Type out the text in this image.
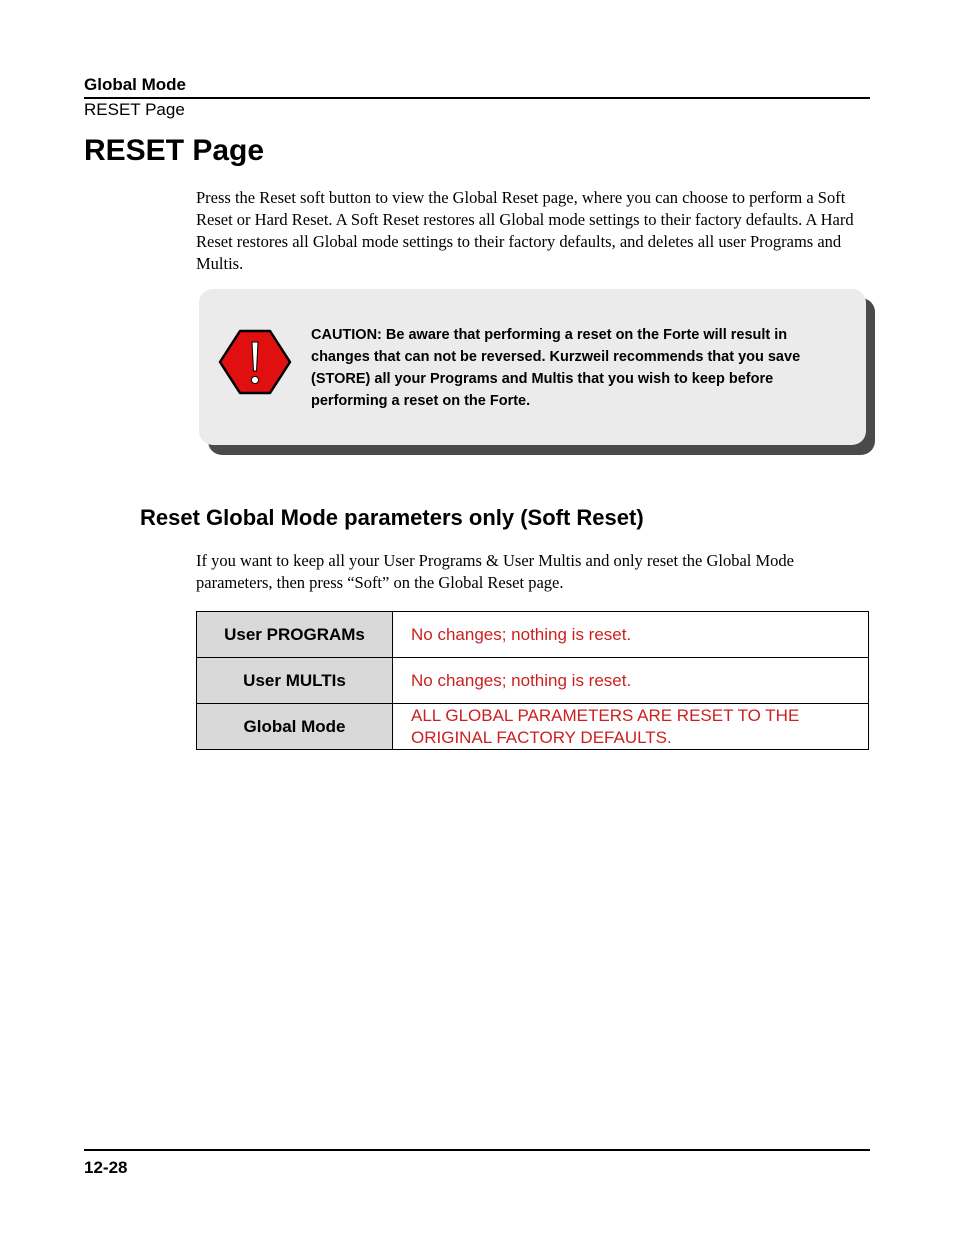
Global Mode
RESET Page
RESET Page

Press the Reset soft button to view the Global Reset page, where you can choose to perform a Soft Reset or Hard Reset. A Soft Reset restores all Global mode settings to their factory defaults. A Hard Reset restores all Global mode settings to their factory defaults, and deletes all user Programs and Multis.

CAUTION: Be aware that performing a reset on the Forte will result in changes that can not be reversed. Kurzweil recommends that you save (STORE) all your Programs and Multis that you wish to keep before performing a reset on the Forte.

Reset Global Mode parameters only (Soft Reset)

If you want to keep all your User Programs & User Multis and only reset the Global Mode parameters, then press “Soft” on the Global Reset page.

User PROGRAMs	No changes; nothing is reset.
User MULTIs	No changes; nothing is reset.
Global Mode	ALL GLOBAL PARAMETERS ARE RESET TO THE ORIGINAL FACTORY DEFAULTS.
12-28
